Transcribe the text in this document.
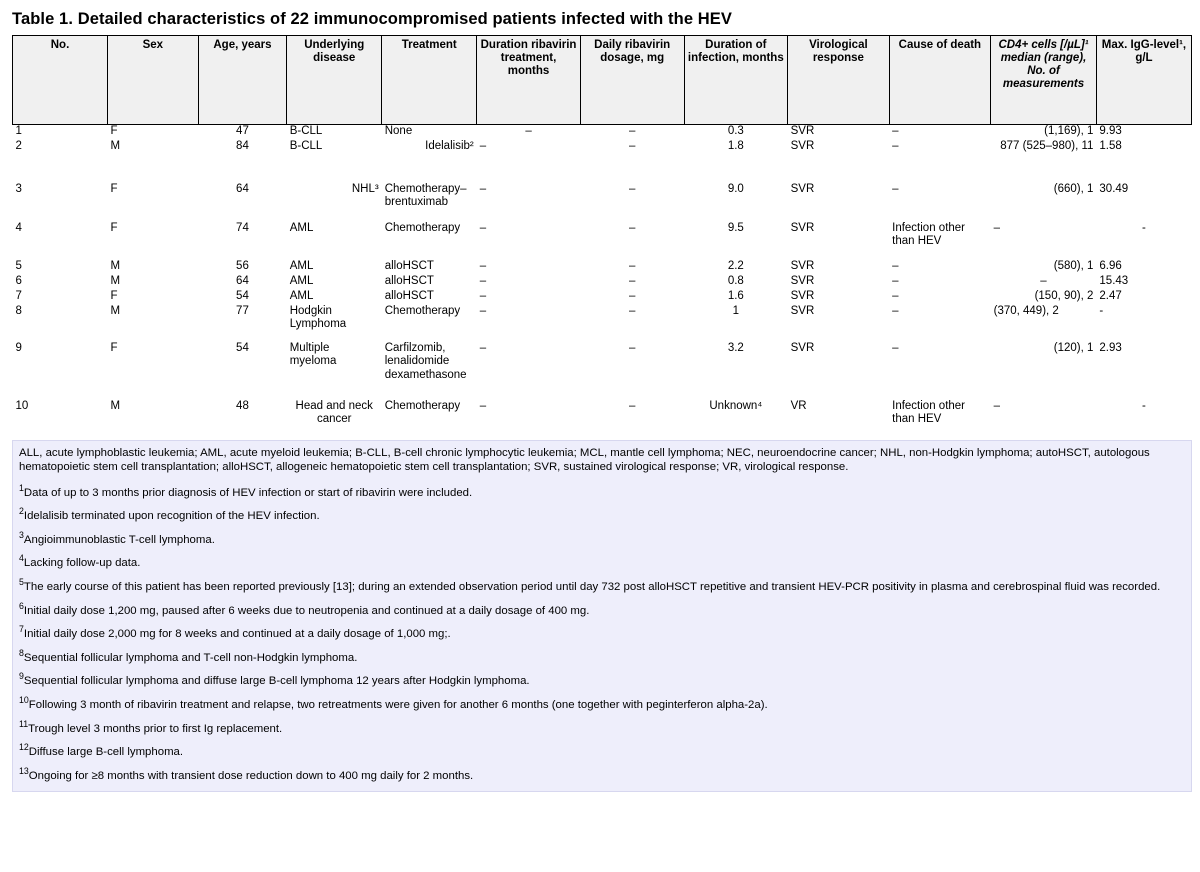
Table 1. Detailed characteristics of 22 immunocompromised patients infected with the HEV
No.	Sex	Age, years	Underlying disease	Treatment	Duration ribavirin treatment, months	Daily ribavirin dosage, mg	Duration of infection, months	Virological response	Cause of death	CD4+ cells [/µL]¹ median (range), No. of measurements	Max. IgG-level¹, g/L
1	F	47	B-CLL	None	–	–	0.3	SVR	–	(1,169), 1	9.93
2	M	84	B-CLL	Idelalisib²	–	–	1.8	SVR	–	877 (525–980), 11	1.58
3	F	64	NHL³	Chemotherapy–brentuximab	–	–	9.0	SVR	–	(660), 1	30.49
4	F	74	AML	Chemotherapy	–	–	9.5	SVR	Infection other than HEV	–	-
5	M	56	AML	alloHSCT	–	–	2.2	SVR	–	(580), 1	6.96
6	M	64	AML	alloHSCT	–	–	0.8	SVR	–	–	15.43
7	F	54	AML	alloHSCT	–	–	1.6	SVR	–	(150, 90), 2	2.47
8	M	77	Hodgkin Lymphoma	Chemotherapy	–	–	1	SVR	–	(370, 449), 2	-
9	F	54	Multiple myeloma	Carfilzomib, lenalidomide dexamethasone	–	–	3.2	SVR	–	(120), 1	2.93
10	M	48	Head and neck cancer	Chemotherapy	–	–	Unknown⁴	VR	Infection other than HEV	–	-

ALL, acute lymphoblastic leukemia; AML, acute myeloid leukemia; B-CLL, B-cell chronic lymphocytic leukemia; MCL, mantle cell lymphoma; NEC, neuroendocrine cancer; NHL, non-Hodgkin lymphoma; autoHSCT, autologous hematopoietic stem cell transplantation; alloHSCT, allogeneic hematopoietic stem cell transplantation; SVR, sustained virological response; VR, virological response.

$^1$Data of up to 3 months prior diagnosis of HEV infection or start of ribavirin were included.

$^2$Idelalisib terminated upon recognition of the HEV infection.

$^3$Angioimmunoblastic T-cell lymphoma.

$^4$Lacking follow-up data.

$^5$The early course of this patient has been reported previously [13]; during an extended observation period until day 732 post alloHSCT repetitive and transient HEV-PCR positivity in plasma and cerebrospinal fluid was recorded.

$^6$Initial daily dose 1,200 mg, paused after 6 weeks due to neutropenia and continued at a daily dosage of 400 mg.

$^7$Initial daily dose 2,000 mg for 8 weeks and continued at a daily dosage of 1,000 mg;.

$^8$Sequential follicular lymphoma and T-cell non-Hodgkin lymphoma.

$^9$Sequential follicular lymphoma and diffuse large B-cell lymphoma 12 years after Hodgkin lymphoma.

$^{10}$Following 3 month of ribavirin treatment and relapse, two retreatments were given for another 6 months (one together with peginterferon alpha-2a).

$^{11}$Trough level 3 months prior to first Ig replacement.

$^{12}$Diffuse large B-cell lymphoma.

$^{13}$Ongoing for ≥8 months with transient dose reduction down to 400 mg daily for 2 months.
